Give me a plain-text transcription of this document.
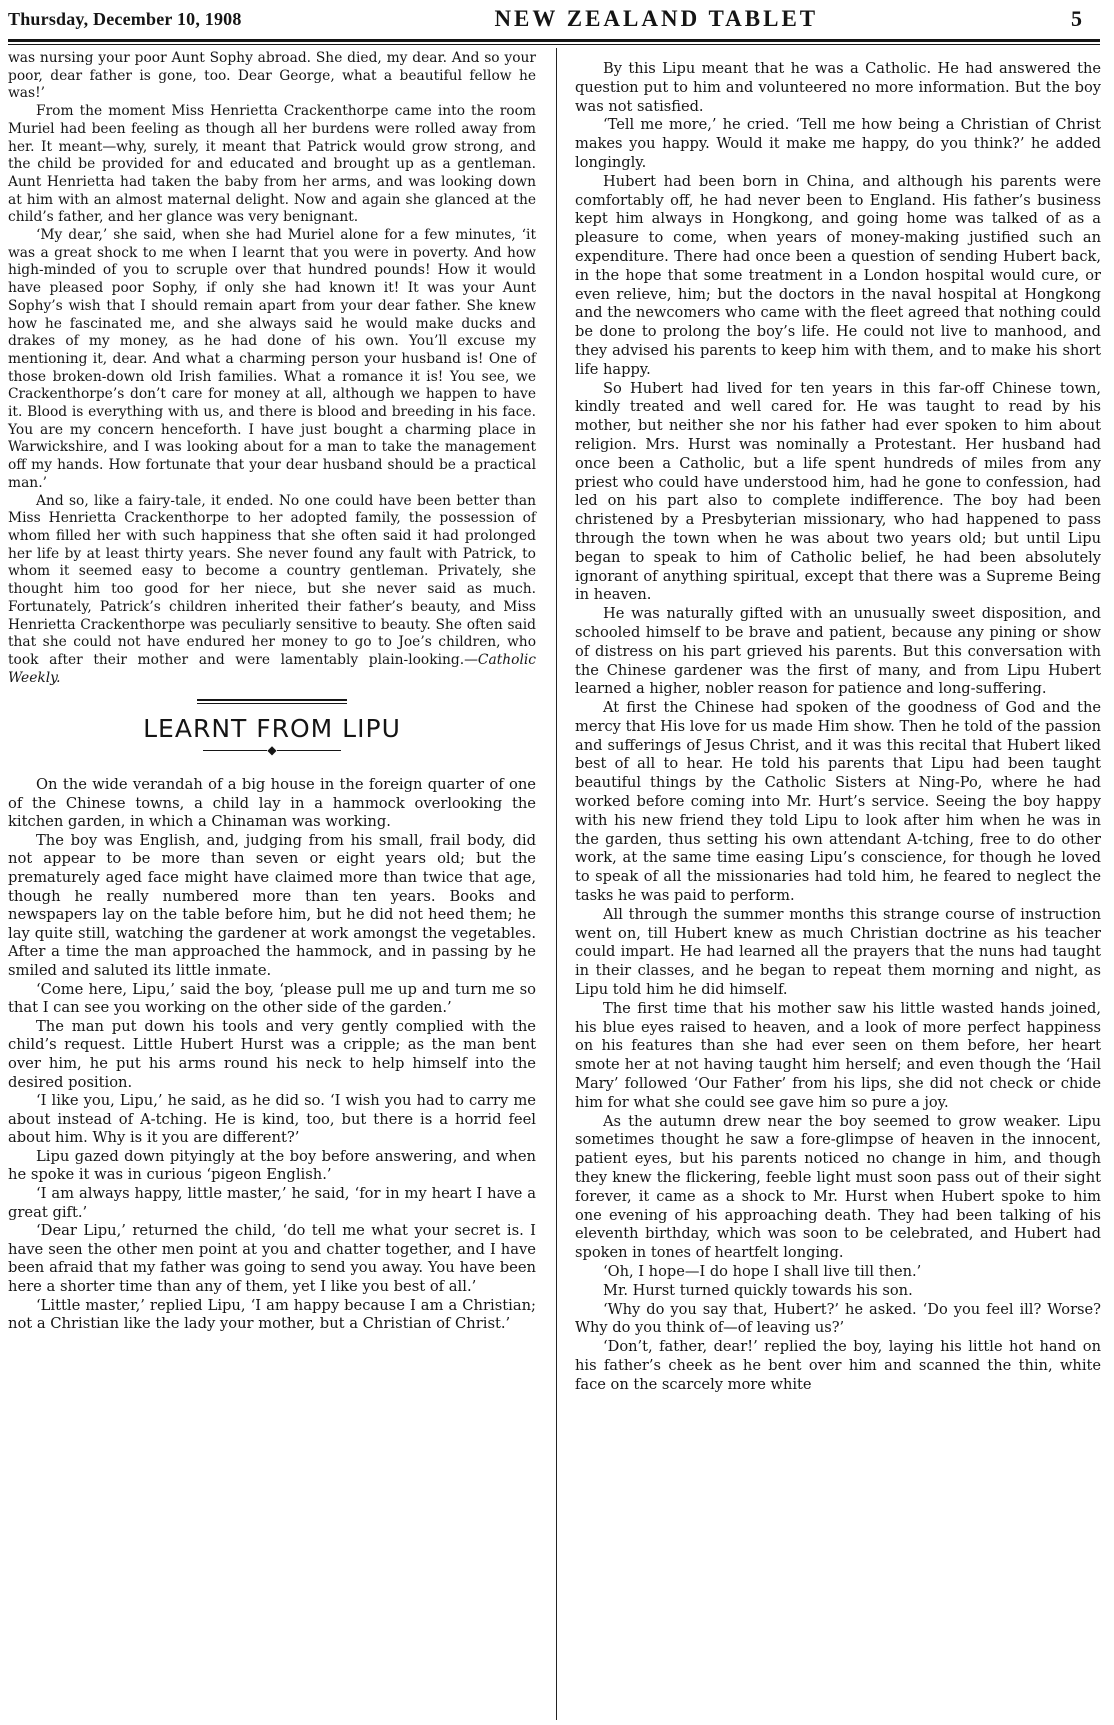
Thursday, December 10, 1908	NEW ZEALAND TABLET	5

was nursing your poor Aunt Sophy abroad. She died, my dear. And so your poor, dear father is gone, too. Dear George, what a beautiful fellow he was!’

From the moment Miss Henrietta Crackenthorpe came into the room Muriel had been feeling as though all her burdens were rolled away from her. It meant—why, surely, it meant that Patrick would grow strong, and the child be provided for and educated and brought up as a gentleman. Aunt Henrietta had taken the baby from her arms, and was looking down at him with an almost maternal delight. Now and again she glanced at the child’s father, and her glance was very benignant.

‘My dear,’ she said, when she had Muriel alone for a few minutes, ‘it was a great shock to me when I learnt that you were in poverty. And how high-minded of you to scruple over that hundred pounds! How it would have pleased poor Sophy, if only she had known it! It was your Aunt Sophy’s wish that I should remain apart from your dear father. She knew how he fascinated me, and she always said he would make ducks and drakes of my money, as he had done of his own. You’ll excuse my mentioning it, dear. And what a charming person your husband is! One of those broken-down old Irish families. What a romance it is! You see, we Crackenthorpe’s don’t care for money at all, although we happen to have it. Blood is everything with us, and there is blood and breeding in his face. You are my concern henceforth. I have just bought a charming place in Warwickshire, and I was looking about for a man to take the management off my hands. How fortunate that your dear husband should be a practical man.’

And so, like a fairy-tale, it ended. No one could have been better than Miss Henrietta Crackenthorpe to her adopted family, the possession of whom filled her with such happiness that she often said it had prolonged her life by at least thirty years. She never found any fault with Patrick, to whom it seemed easy to become a country gentleman. Privately, she thought him too good for her niece, but she never said as much. Fortunately, Patrick’s children inherited their father’s beauty, and Miss Henrietta Crackenthorpe was peculiarly sensitive to beauty. She often said that she could not have endured her money to go to Joe’s children, who took after their mother and were lamentably plain-looking.—Catholic Weekly.

LEARNT FROM LIPU
◆

On the wide verandah of a big house in the foreign quarter of one of the Chinese towns, a child lay in a hammock overlooking the kitchen garden, in which a Chinaman was working.

The boy was English, and, judging from his small, frail body, did not appear to be more than seven or eight years old; but the prematurely aged face might have claimed more than twice that age, though he really numbered more than ten years. Books and newspapers lay on the table before him, but he did not heed them; he lay quite still, watching the gardener at work amongst the vegetables. After a time the man approached the hammock, and in passing by he smiled and saluted its little inmate.

‘Come here, Lipu,’ said the boy, ‘please pull me up and turn me so that I can see you working on the other side of the garden.’

The man put down his tools and very gently complied with the child’s request. Little Hubert Hurst was a cripple; as the man bent over him, he put his arms round his neck to help himself into the desired position.

‘I like you, Lipu,’ he said, as he did so. ‘I wish you had to carry me about instead of A-tching. He is kind, too, but there is a horrid feel about him. Why is it you are different?’

Lipu gazed down pityingly at the boy before answering, and when he spoke it was in curious ‘pigeon English.’

‘I am always happy, little master,’ he said, ‘for in my heart I have a great gift.’

‘Dear Lipu,’ returned the child, ‘do tell me what your secret is. I have seen the other men point at you and chatter together, and I have been afraid that my father was going to send you away. You have been here a shorter time than any of them, yet I like you best of all.’

‘Little master,’ replied Lipu, ‘I am happy because I am a Christian; not a Christian like the lady your mother, but a Christian of Christ.’

By this Lipu meant that he was a Catholic. He had answered the question put to him and volunteered no more information. But the boy was not satisfied.

‘Tell me more,’ he cried. ‘Tell me how being a Christian of Christ makes you happy. Would it make me happy, do you think?’ he added longingly.

Hubert had been born in China, and although his parents were comfortably off, he had never been to England. His father’s business kept him always in Hongkong, and going home was talked of as a pleasure to come, when years of money-making justified such an expenditure. There had once been a question of sending Hubert back, in the hope that some treatment in a London hospital would cure, or even relieve, him; but the doctors in the naval hospital at Hongkong and the newcomers who came with the fleet agreed that nothing could be done to prolong the boy’s life. He could not live to manhood, and they advised his parents to keep him with them, and to make his short life happy.

So Hubert had lived for ten years in this far-off Chinese town, kindly treated and well cared for. He was taught to read by his mother, but neither she nor his father had ever spoken to him about religion. Mrs. Hurst was nominally a Protestant. Her husband had once been a Catholic, but a life spent hundreds of miles from any priest who could have understood him, had he gone to confession, had led on his part also to complete indifference. The boy had been christened by a Presbyterian missionary, who had happened to pass through the town when he was about two years old; but until Lipu began to speak to him of Catholic belief, he had been absolutely ignorant of anything spiritual, except that there was a Supreme Being in heaven.

He was naturally gifted with an unusually sweet disposition, and schooled himself to be brave and patient, because any pining or show of distress on his part grieved his parents. But this conversation with the Chinese gardener was the first of many, and from Lipu Hubert learned a higher, nobler reason for patience and long-suffering.

At first the Chinese had spoken of the goodness of God and the mercy that His love for us made Him show. Then he told of the passion and sufferings of Jesus Christ, and it was this recital that Hubert liked best of all to hear. He told his parents that Lipu had been taught beautiful things by the Catholic Sisters at Ning-Po, where he had worked before coming into Mr. Hurt’s service. Seeing the boy happy with his new friend they told Lipu to look after him when he was in the garden, thus setting his own attendant A-tching, free to do other work, at the same time easing Lipu’s conscience, for though he loved to speak of all the missionaries had told him, he feared to neglect the tasks he was paid to perform.

All through the summer months this strange course of instruction went on, till Hubert knew as much Christian doctrine as his teacher could impart. He had learned all the prayers that the nuns had taught in their classes, and he began to repeat them morning and night, as Lipu told him he did himself.

The first time that his mother saw his little wasted hands joined, his blue eyes raised to heaven, and a look of more perfect happiness on his features than she had ever seen on them before, her heart smote her at not having taught him herself; and even though the ‘Hail Mary’ followed ‘Our Father’ from his lips, she did not check or chide him for what she could see gave him so pure a joy.

As the autumn drew near the boy seemed to grow weaker. Lipu sometimes thought he saw a fore-glimpse of heaven in the innocent, patient eyes, but his parents noticed no change in him, and though they knew the flickering, feeble light must soon pass out of their sight forever, it came as a shock to Mr. Hurst when Hubert spoke to him one evening of his approaching death. They had been talking of his eleventh birthday, which was soon to be celebrated, and Hubert had spoken in tones of heartfelt longing.

‘Oh, I hope—I do hope I shall live till then.’

Mr. Hurst turned quickly towards his son.

‘Why do you say that, Hubert?’ he asked. ‘Do you feel ill? Worse? Why do you think of—of leaving us?’

‘Don’t, father, dear!’ replied the boy, laying his little hot hand on his father’s cheek as he bent over him and scanned the thin, white face on the scarcely more white
